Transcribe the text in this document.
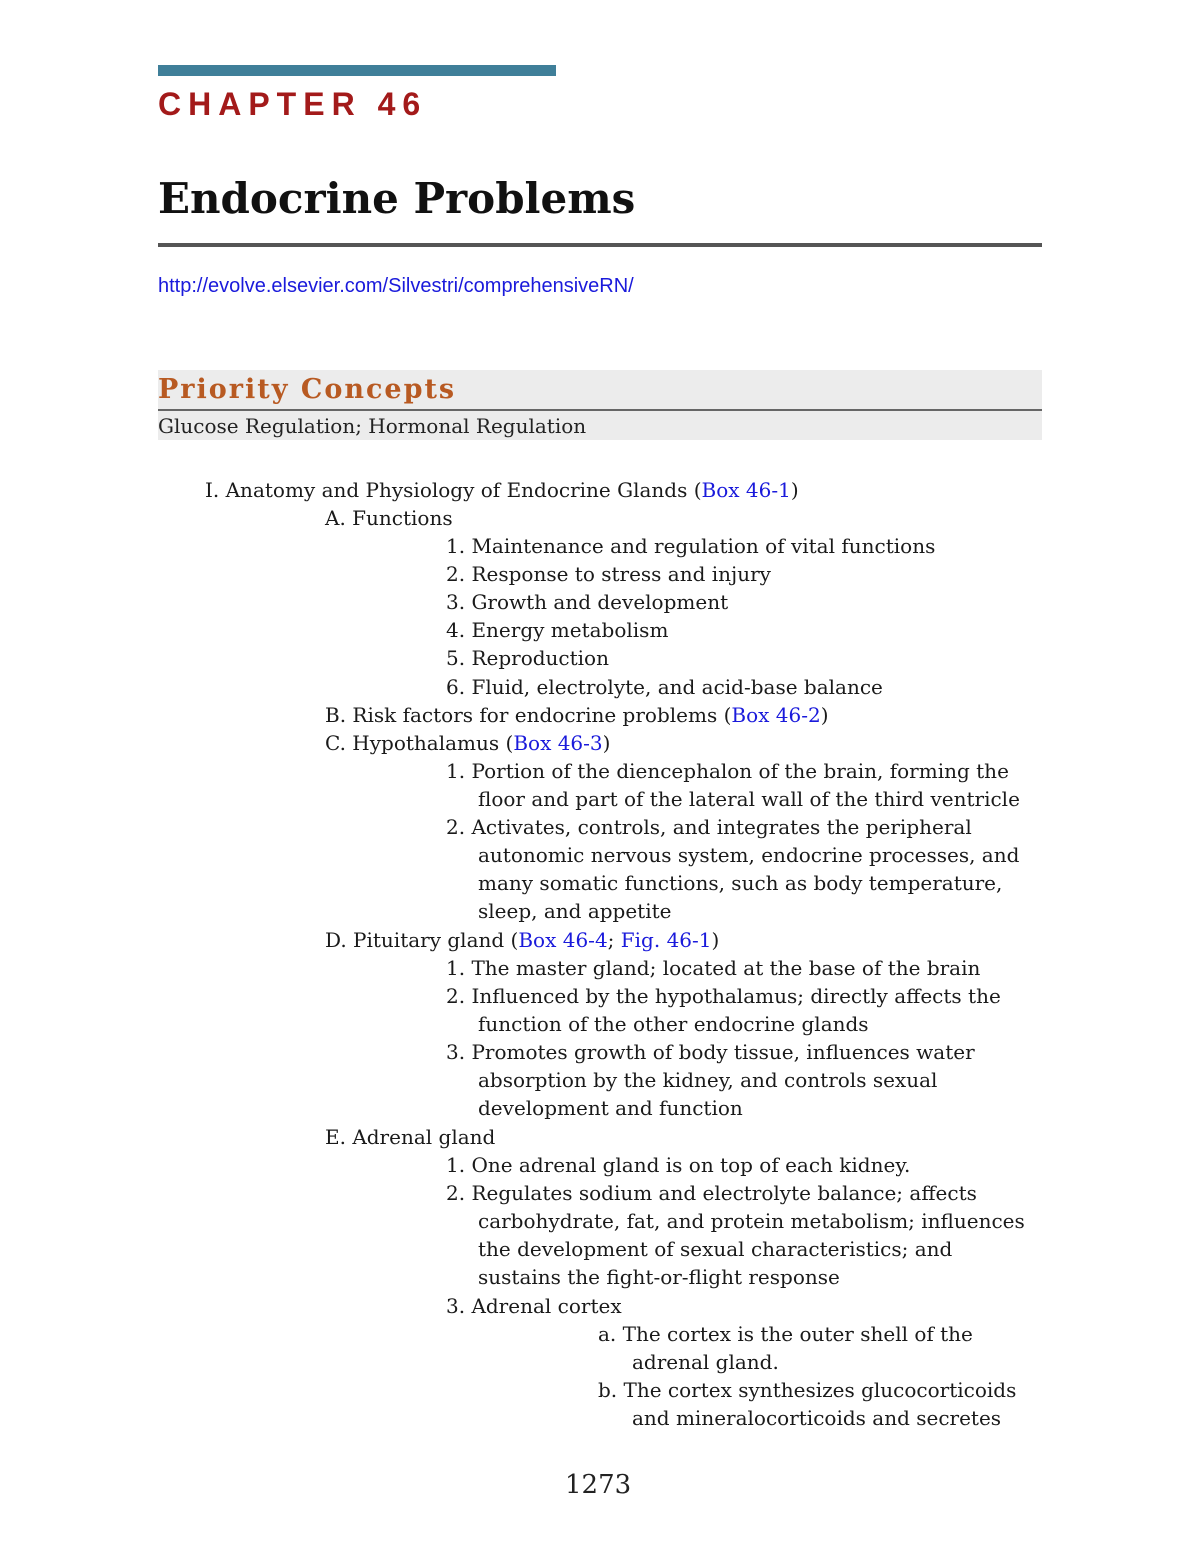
CHAPTER 46
Endocrine Problems
http://evolve.elsevier.com/Silvestri/comprehensiveRN/
Priority Concepts
Glucose Regulation; Hormonal Regulation
I. Anatomy and Physiology of Endocrine Glands (Box 46-1)
A. Functions
1. Maintenance and regulation of vital functions
2. Response to stress and injury
3. Growth and development
4. Energy metabolism
5. Reproduction
6. Fluid, electrolyte, and acid-base balance
B. Risk factors for endocrine problems (Box 46-2)
C. Hypothalamus (Box 46-3)
1. Portion of the diencephalon of the brain, forming the
floor and part of the lateral wall of the third ventricle
2. Activates, controls, and integrates the peripheral
autonomic nervous system, endocrine processes, and
many somatic functions, such as body temperature,
sleep, and appetite
D. Pituitary gland (Box 46-4; Fig. 46-1)
1. The master gland; located at the base of the brain
2. Influenced by the hypothalamus; directly affects the
function of the other endocrine glands
3. Promotes growth of body tissue, influences water
absorption by the kidney, and controls sexual
development and function
E. Adrenal gland
1. One adrenal gland is on top of each kidney.
2. Regulates sodium and electrolyte balance; affects
carbohydrate, fat, and protein metabolism; influences
the development of sexual characteristics; and
sustains the fight-or-flight response
3. Adrenal cortex
a. The cortex is the outer shell of the
adrenal gland.
b. The cortex synthesizes glucocorticoids
and mineralocorticoids and secretes
1273
